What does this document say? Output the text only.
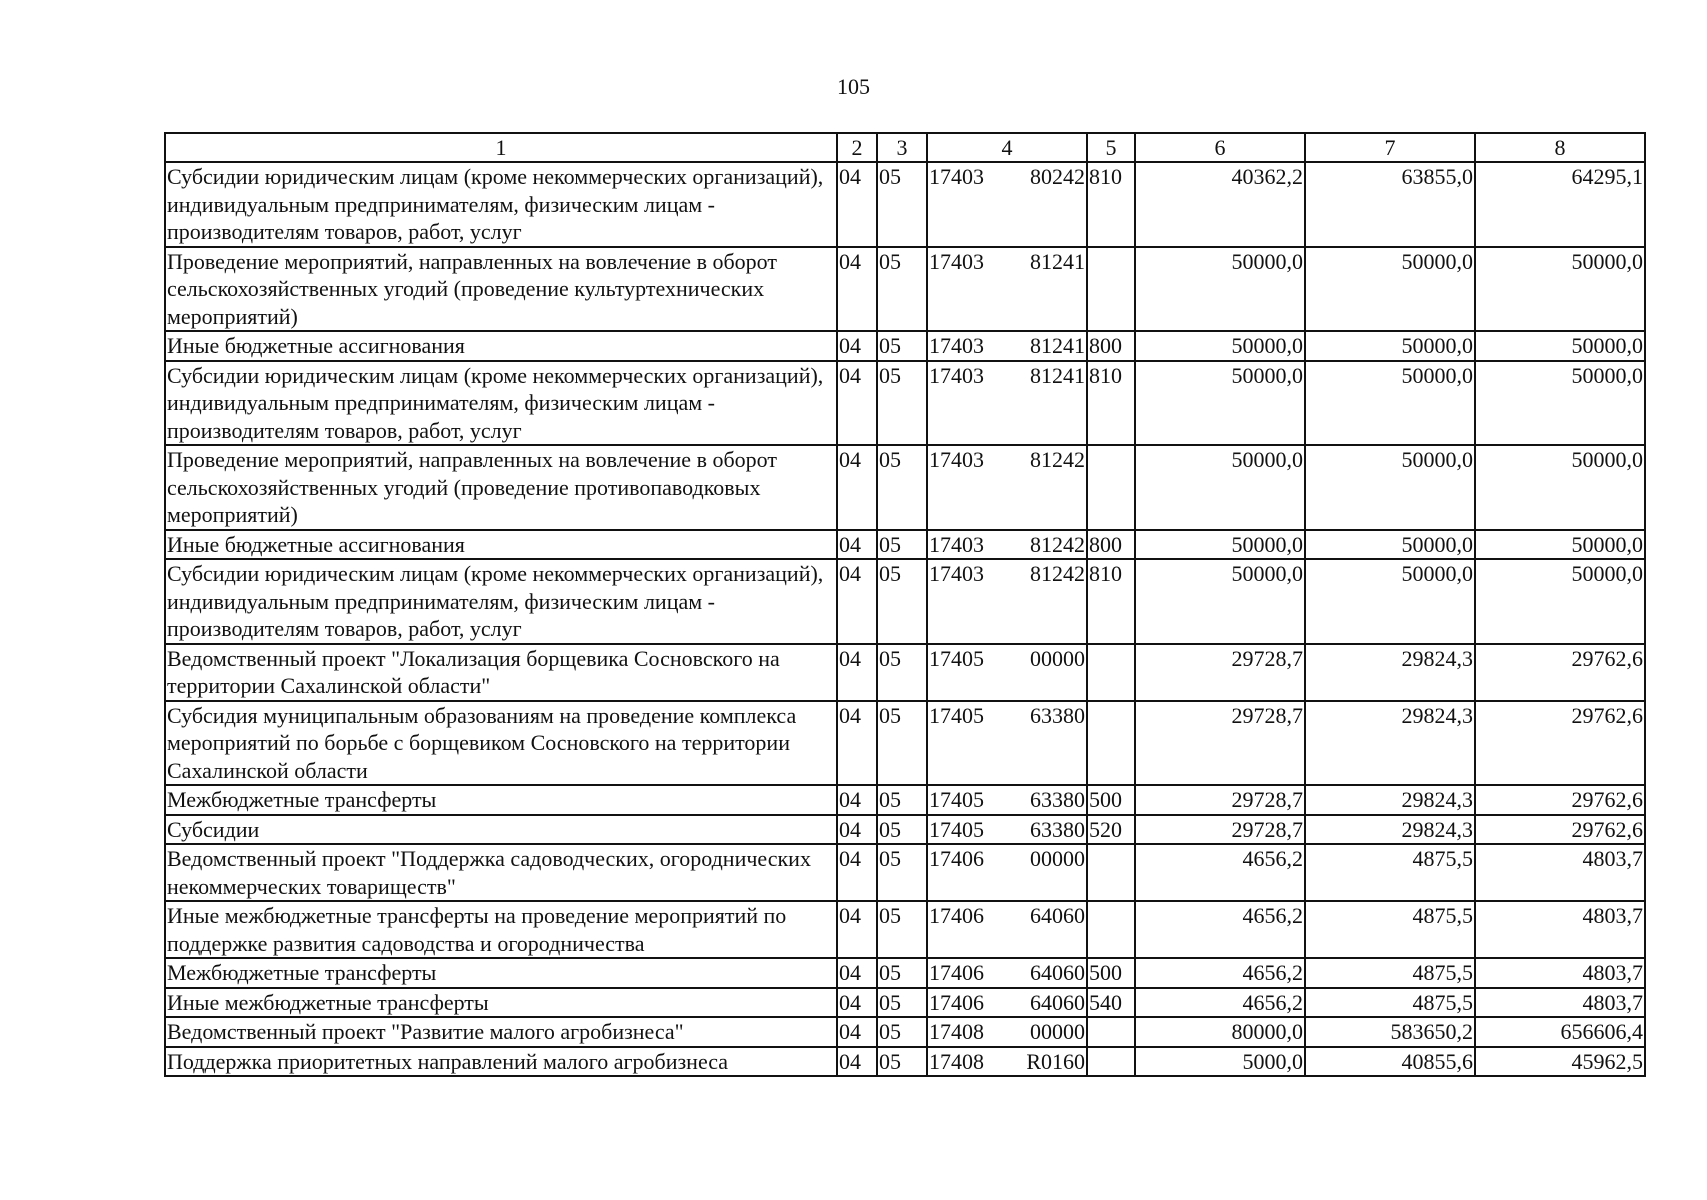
105
1	2	3	4	5	6	7	8
Субсидии юридическим лицам (кроме некоммерческих организаций), индивидуальным предпринимателям, физическим лицам - производителям товаров, работ, услуг	04	05	17403 80242	810	40362,2	63855,0	64295,1
Проведение мероприятий, направленных на вовлечение в оборот сельскохозяйственных угодий (проведение культуртехнических мероприятий)	04	05	17403 81241		50000,0	50000,0	50000,0
Иные бюджетные ассигнования	04	05	17403 81241	800	50000,0	50000,0	50000,0
Субсидии юридическим лицам (кроме некоммерческих организаций), индивидуальным предпринимателям, физическим лицам - производителям товаров, работ, услуг	04	05	17403 81241	810	50000,0	50000,0	50000,0
Проведение мероприятий, направленных на вовлечение в оборот сельскохозяйственных угодий (проведение противопаводковых мероприятий)	04	05	17403 81242		50000,0	50000,0	50000,0
Иные бюджетные ассигнования	04	05	17403 81242	800	50000,0	50000,0	50000,0
Субсидии юридическим лицам (кроме некоммерческих организаций), индивидуальным предпринимателям, физическим лицам - производителям товаров, работ, услуг	04	05	17403 81242	810	50000,0	50000,0	50000,0
Ведомственный проект "Локализация борщевика Сосновского на территории Сахалинской области"	04	05	17405 00000		29728,7	29824,3	29762,6
Субсидия муниципальным образованиям на проведение комплекса мероприятий по борьбе с борщевиком Сосновского на территории Сахалинской области	04	05	17405 63380		29728,7	29824,3	29762,6
Межбюджетные трансферты	04	05	17405 63380	500	29728,7	29824,3	29762,6
Субсидии	04	05	17405 63380	520	29728,7	29824,3	29762,6
Ведомственный проект "Поддержка садоводческих, огороднических некоммерческих товариществ"	04	05	17406 00000		4656,2	4875,5	4803,7
Иные межбюджетные трансферты на проведение мероприятий по поддержке развития садоводства и огородничества	04	05	17406 64060		4656,2	4875,5	4803,7
Межбюджетные трансферты	04	05	17406 64060	500	4656,2	4875,5	4803,7
Иные межбюджетные трансферты	04	05	17406 64060	540	4656,2	4875,5	4803,7
Ведомственный проект "Развитие малого агробизнеса"	04	05	17408 00000		80000,0	583650,2	656606,4
Поддержка приоритетных направлений малого агробизнеса	04	05	17408 R0160		5000,0	40855,6	45962,5
